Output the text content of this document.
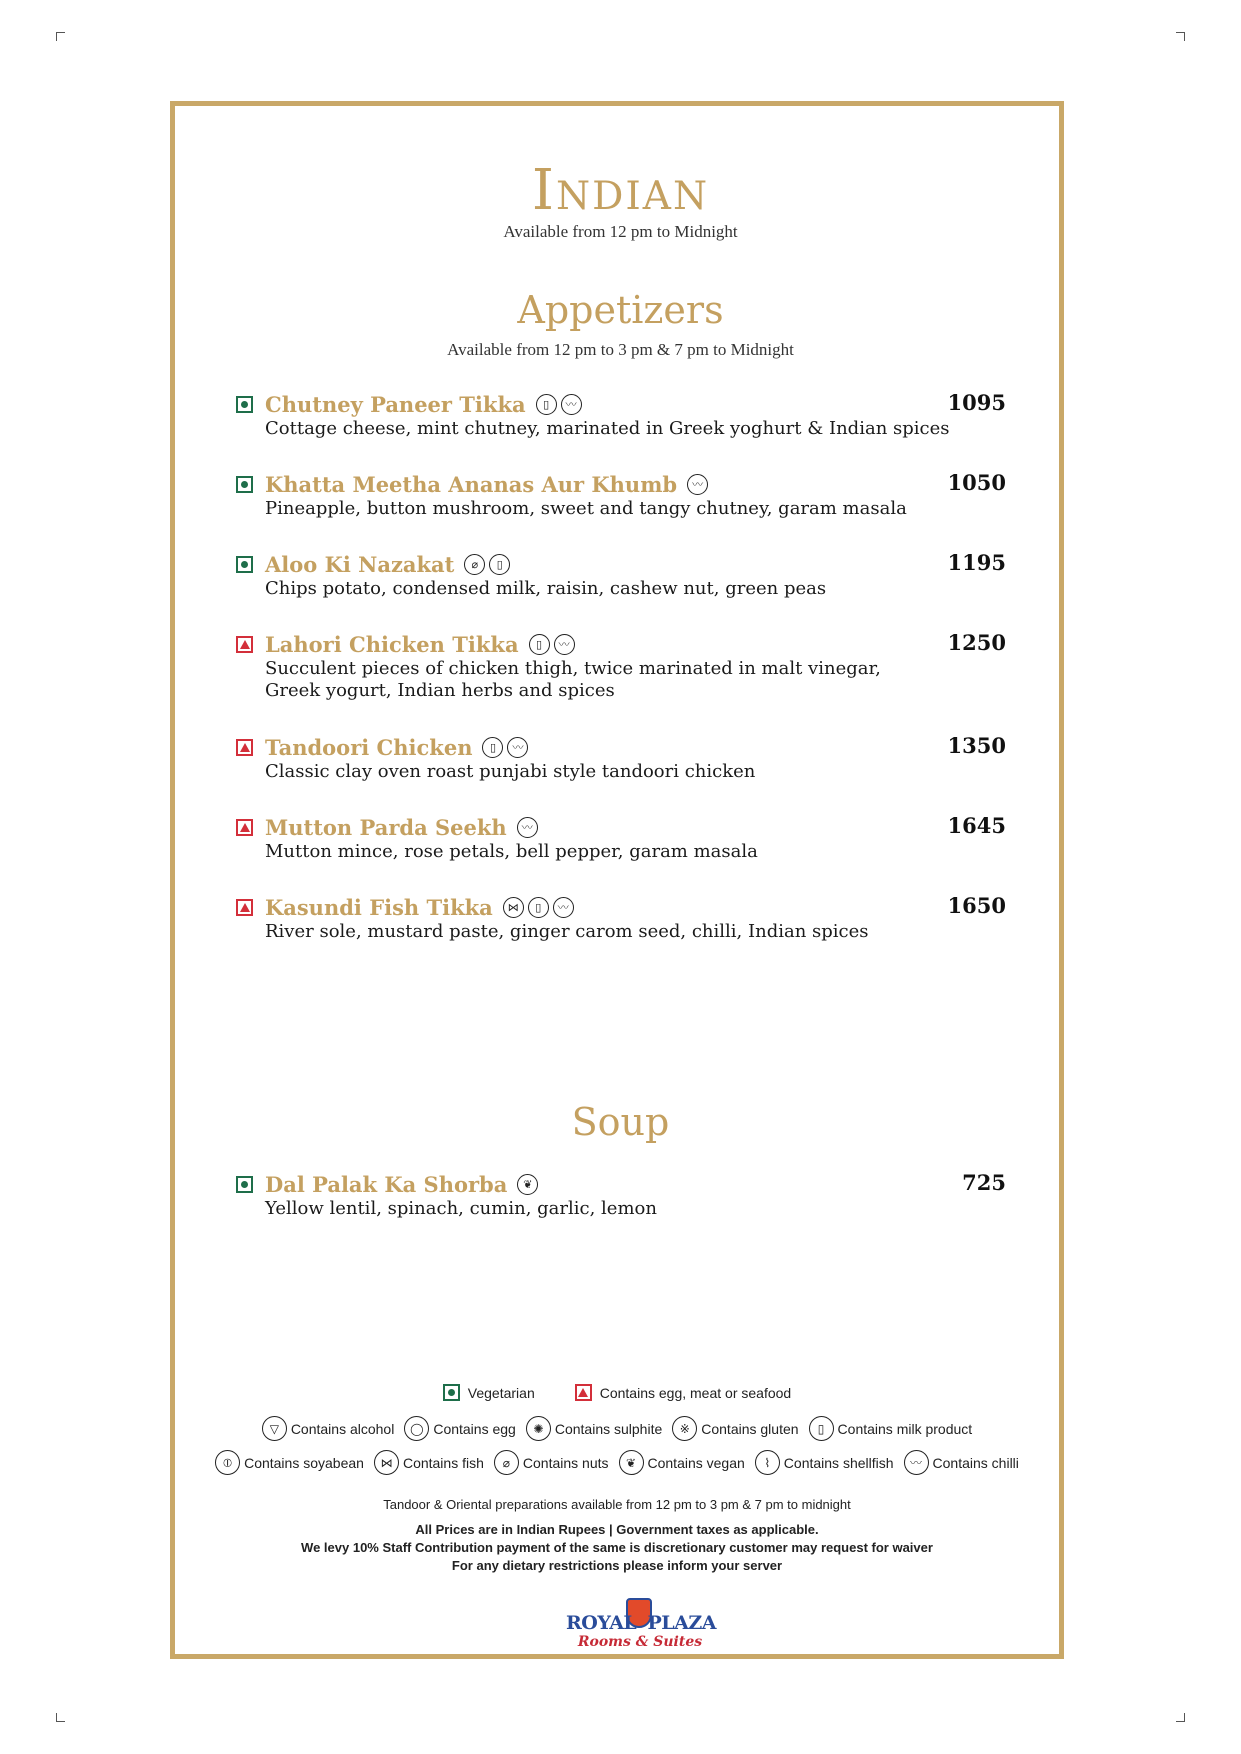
Indian
Available from 12 pm to Midnight
Appetizers
Available from 12 pm to 3 pm & 7 pm to Midnight
Chutney Paneer Tikka	▯	〰	1095
Cottage cheese, mint chutney, marinated in Greek yoghurt & Indian spices
Khatta Meetha Ananas Aur Khumb	〰	1050
Pineapple, button mushroom, sweet and tangy chutney, garam masala
Aloo Ki Nazakat	⌀	▯	1195
Chips potato, condensed milk, raisin, cashew nut, green peas
Lahori Chicken Tikka	▯	〰	1250
Succulent pieces of chicken thigh, twice marinated in malt vinegar,
Greek yogurt, Indian herbs and spices
Tandoori Chicken	▯	〰	1350
Classic clay oven roast punjabi style tandoori chicken
Mutton Parda Seekh	〰	1645
Mutton mince, rose petals, bell pepper, garam masala
Kasundi Fish Tikka	⋈	▯	〰	1650
River sole, mustard paste, ginger carom seed, chilli, Indian spices
Soup
Dal Palak Ka Shorba	❦	725
Yellow lentil, spinach, cumin, garlic, lemon
Vegetarian	Contains egg, meat or seafood
▽ Contains alcohol	◯ Contains egg	✺ Contains sulphite	※ Contains gluten	▯ Contains milk product
⦶ Contains soyabean	⋈ Contains fish	⌀ Contains nuts	❦ Contains vegan	⌇ Contains shellfish	〰 Contains chilli
Tandoor & Oriental preparations available from 12 pm to 3 pm & 7 pm to midnight
All Prices are in Indian Rupees | Government taxes as applicable.
We levy 10% Staff Contribution payment of the same is discretionary customer may request for waiver
For any dietary restrictions please inform your server
ROYAL PLAZA
Rooms & Suites
